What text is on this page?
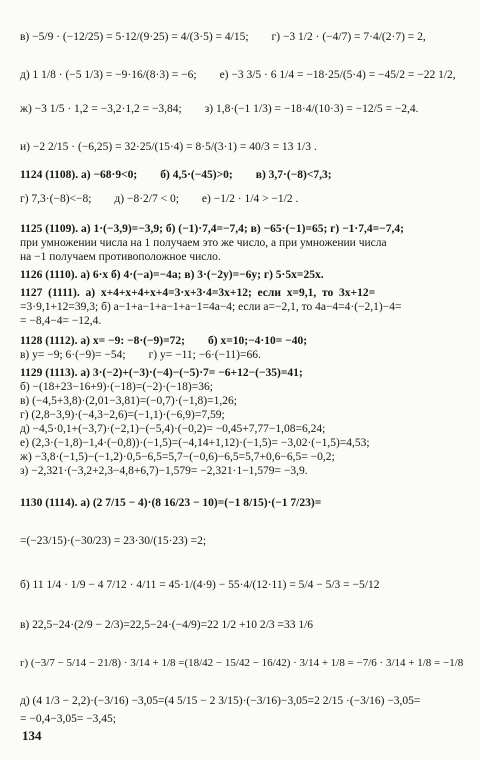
в) −5/9 · (−12/25) = 5·12/(9·25) = 4/(3·5) = 4/15;        г) −3 1/2 · (−4/7) = 7·4/(2·7) = 2,
д) 1 1/8 · (−5 1/3) = −9·16/(8·3) = −6;        е) −3 3/5 · 6 1/4 = −18·25/(5·4) = −45/2 = −22 1/2,
ж) −3 1/5 · 1,2 = −3,2·1,2 = −3,84;        з) 1,8·(−1 1/3) = −18·4/(10·3) = −12/5 = −2,4.
и) −2 2/15 · (−6,25) = 32·25/(15·4) = 8·5/(3·1) = 40/3 = 13 1/3 .
1124 (1108). а) −68·9<0;        б) 4,5·(−45)>0;        в) 3,7·(−8)<7,3;
г) 7,3·(−8)<−8;        д) −8·2/7 < 0;        е) −1/2 · 1/4 > −1/2 .
1125 (1109). а) 1·(−3,9)=−3,9; б) (−1)·7,4=−7,4; в) −65·(−1)=65; г) −1·7,4=−7,4;
при умножении числа на 1 получаем это же число, а при умножении числа
на −1 получаем противоположное число.
1126 (1110). а) 6·x б) 4·(−a)=−4a; в) 3·(−2y)=−6y; г) 5·5x=25x.
1127  (1111).  а)  x+4+x+4+x+4=3·x+3·4=3x+12;  если  x=9,1,  то  3x+12=
=3·9,1+12=39,3; б) a−1+a−1+a−1+a−1=4a−4; если a=−2,1, то 4a−4=4·(−2,1)−4=
= −8,4−4= −12,4.
1128 (1112). а) x= −9: −8·(−9)=72;        б) x=10;−4·10= −40;
в) y= −9; 6·(−9)= −54;        г) y= −11; −6·(−11)=66.
1129 (1113). а) 3·(−2)+(−3)·(−4)−(−5)·7= −6+12−(−35)=41;
б) −(18+23−16+9)·(−18)=(−2)·(−18)=36;
в) (−4,5+3,8)·(2,01−3,81)=(−0,7)·(−1,8)=1,26;
г) (2,8−3,9)·(−4,3−2,6)=(−1,1)·(−6,9)=7,59;
д) −4,5·0,1+(−3,7)·(−2,1)−(−5,4)·(−0,2)= −0,45+7,77−1,08=6,24;
е) (2,3·(−1,8)−1,4·(−0,8))·(−1,5)=(−4,14+1,12)·(−1,5)= −3,02·(−1,5)=4,53;
ж) −3,8·(−1,5)−(−1,2)·0,5−6,5=5,7−(−0,6)−6,5=5,7+0,6−6,5= −0,2;
з) −2,321·(−3,2+2,3−4,8+6,7)−1,579= −2,321·1−1,579= −3,9.
1130 (1114). а) (2 7/15 − 4)·(8 16/23 − 10)=(−1 8/15)·(−1 7/23)=
=(−23/15)·(−30/23) = 23·30/(15·23) =2;
б) 11 1/4 · 1/9 − 4 7/12 · 4/11 = 45·1/(4·9) − 55·4/(12·11) = 5/4 − 5/3 = −5/12
в) 22,5−24·(2/9 − 2/3)=22,5−24·(−4/9)=22 1/2 +10 2/3 =33 1/6
г) (−3/7 − 5/14 − 21/8) · 3/14 + 1/8 =(18/42 − 15/42 − 16/42) · 3/14 + 1/8 = −7/6 · 3/14 + 1/8 = −1/8
д) (4 1/3 − 2,2)·(−3/16) −3,05=(4 5/15 − 2 3/15)·(−3/16)−3,05=2 2/15 ·(−3/16) −3,05=
= −0,4−3,05= −3,45;
134
